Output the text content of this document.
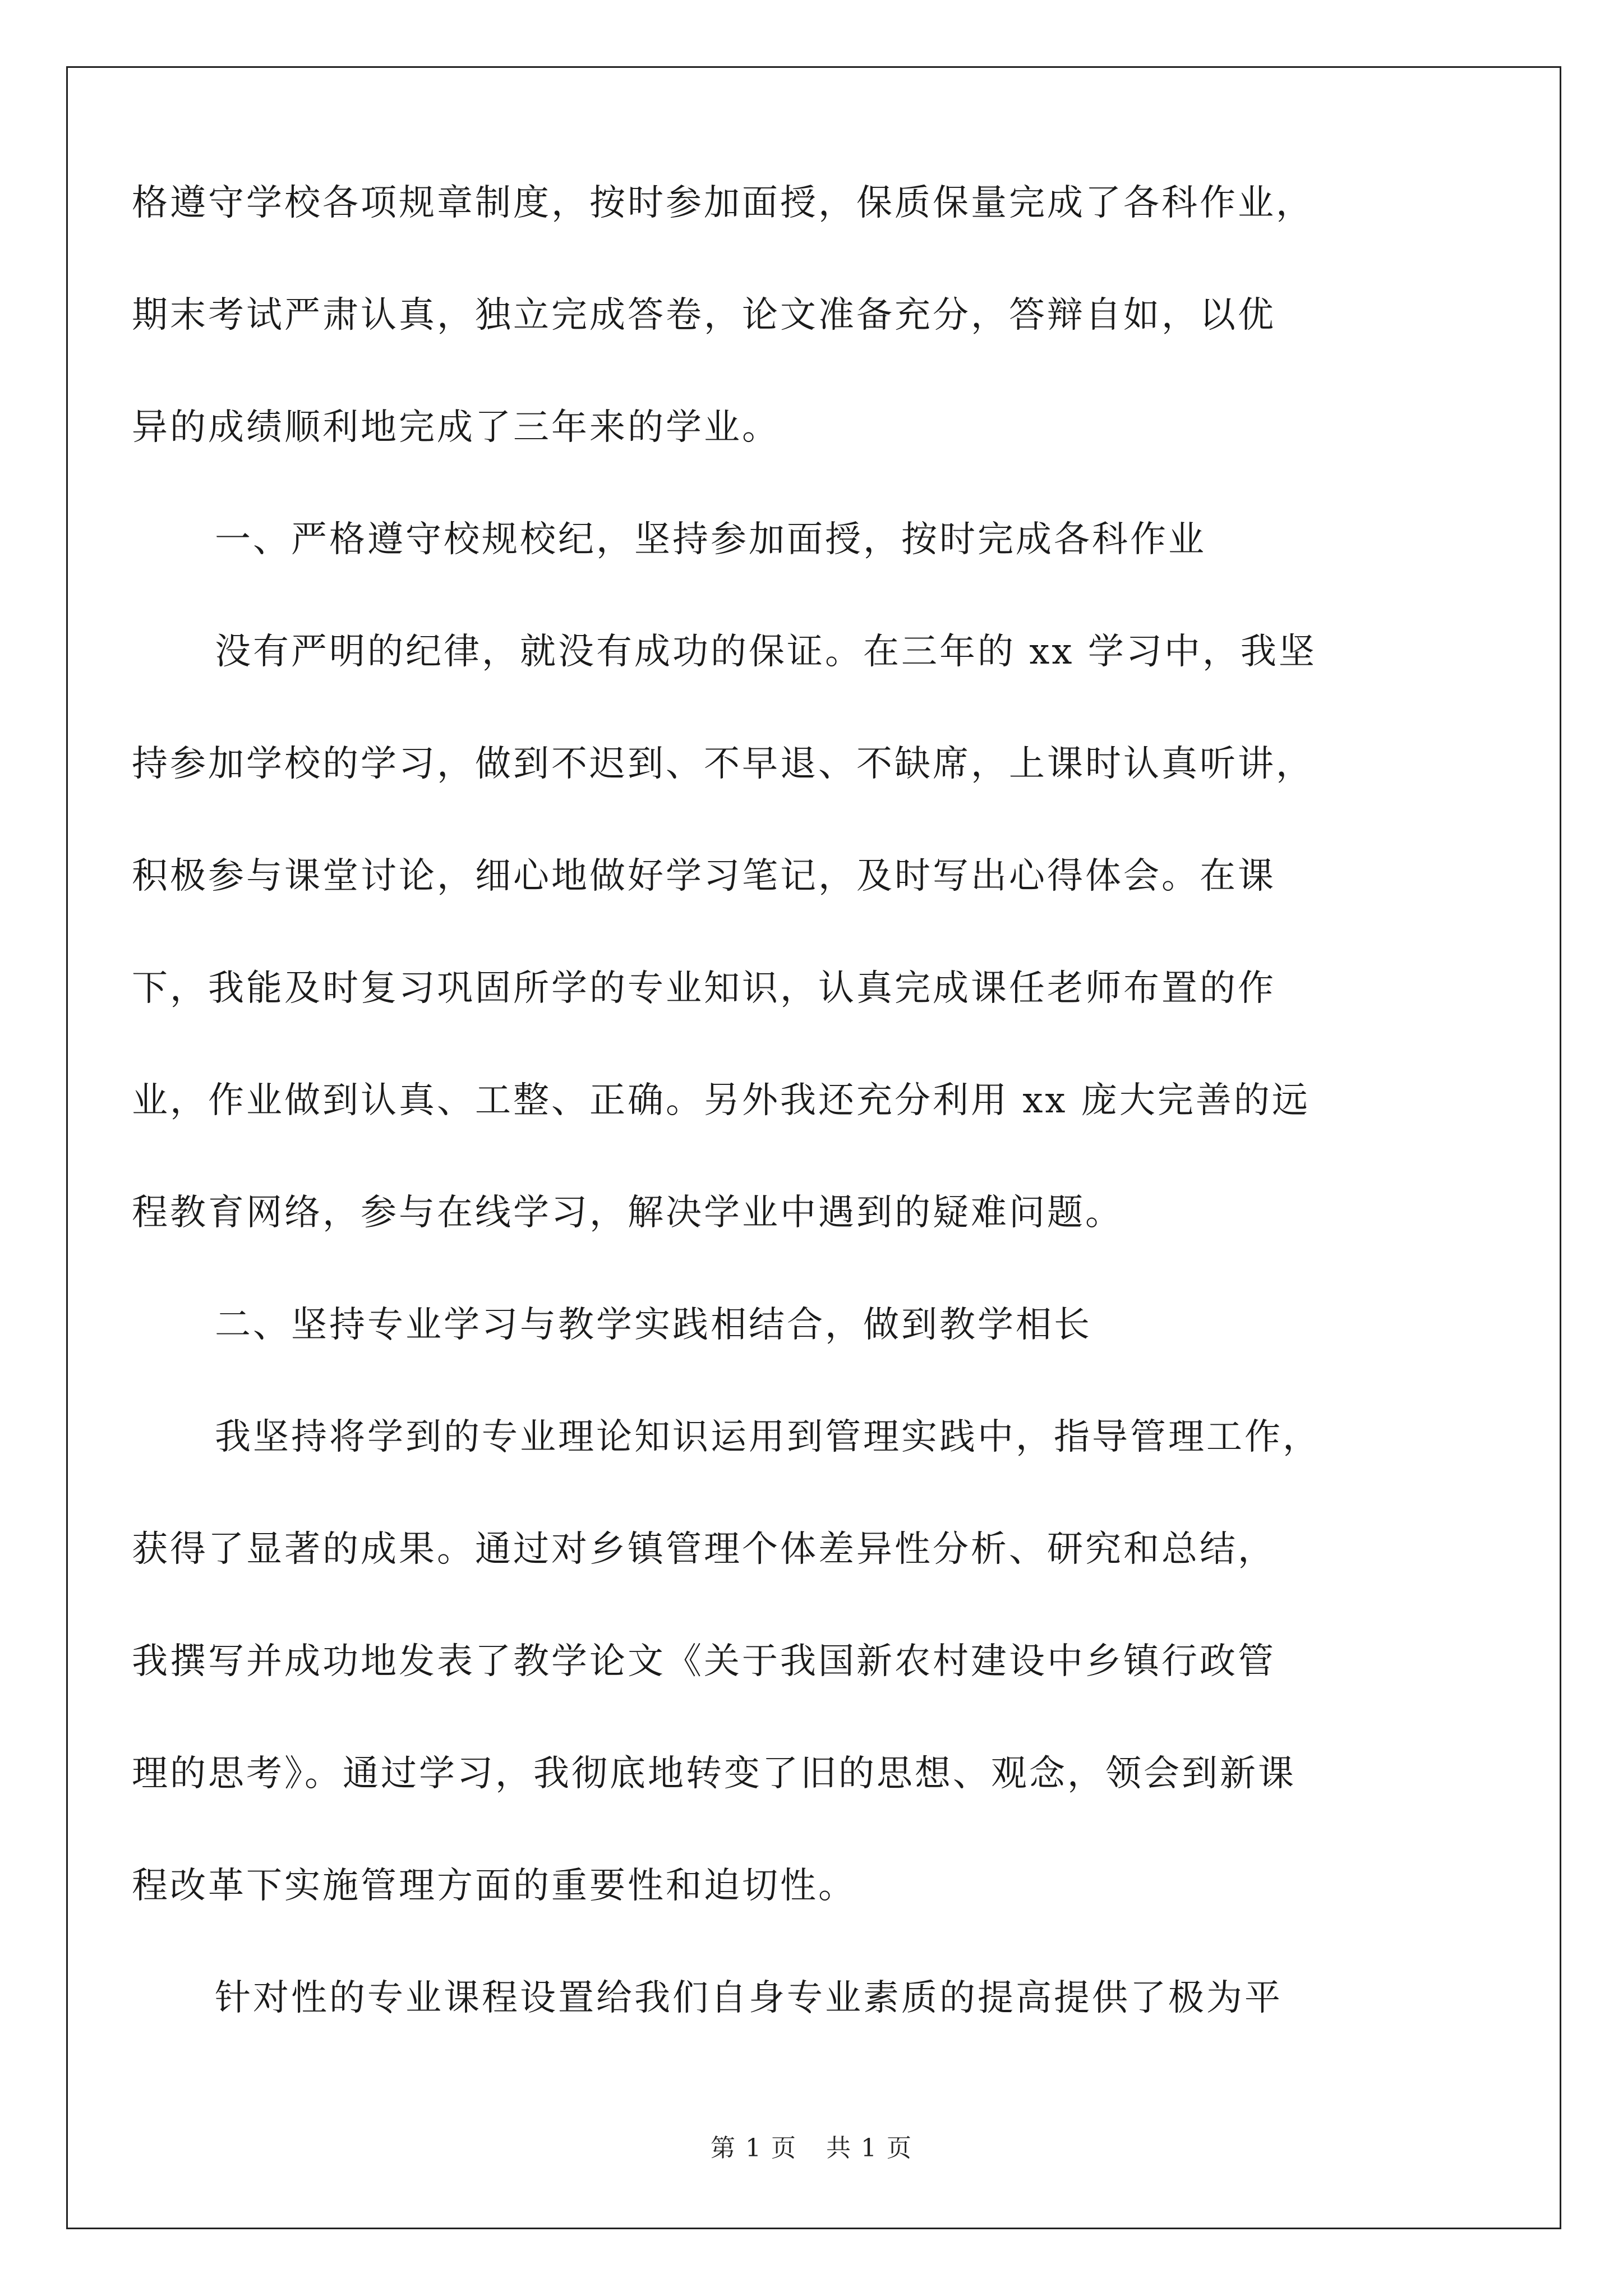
格遵守学校各项规章制度，按时参加面授，保质保量完成了各科作业，
期末考试严肃认真，独立完成答卷，论文准备充分，答辩自如，以优
异的成绩顺利地完成了三年来的学业。
一、严格遵守校规校纪，坚持参加面授，按时完成各科作业
没有严明的纪律，就没有成功的保证。在三年的 xx 学习中，我坚
持参加学校的学习，做到不迟到、不早退、不缺席，上课时认真听讲，
积极参与课堂讨论，细心地做好学习笔记，及时写出心得体会。在课
下，我能及时复习巩固所学的专业知识，认真完成课任老师布置的作
业，作业做到认真、工整、正确。另外我还充分利用 xx 庞大完善的远
程教育网络，参与在线学习，解决学业中遇到的疑难问题。
二、坚持专业学习与教学实践相结合，做到教学相长
我坚持将学到的专业理论知识运用到管理实践中，指导管理工作，
获得了显著的成果。通过对乡镇管理个体差异性分析、研究和总结，
我撰写并成功地发表了教学论文《关于我国新农村建设中乡镇行政管
理的思考》。通过学习，我彻底地转变了旧的思想、观念，领会到新课
程改革下实施管理方面的重要性和迫切性。
针对性的专业课程设置给我们自身专业素质的提高提供了极为平
第 1 页 共 1 页
